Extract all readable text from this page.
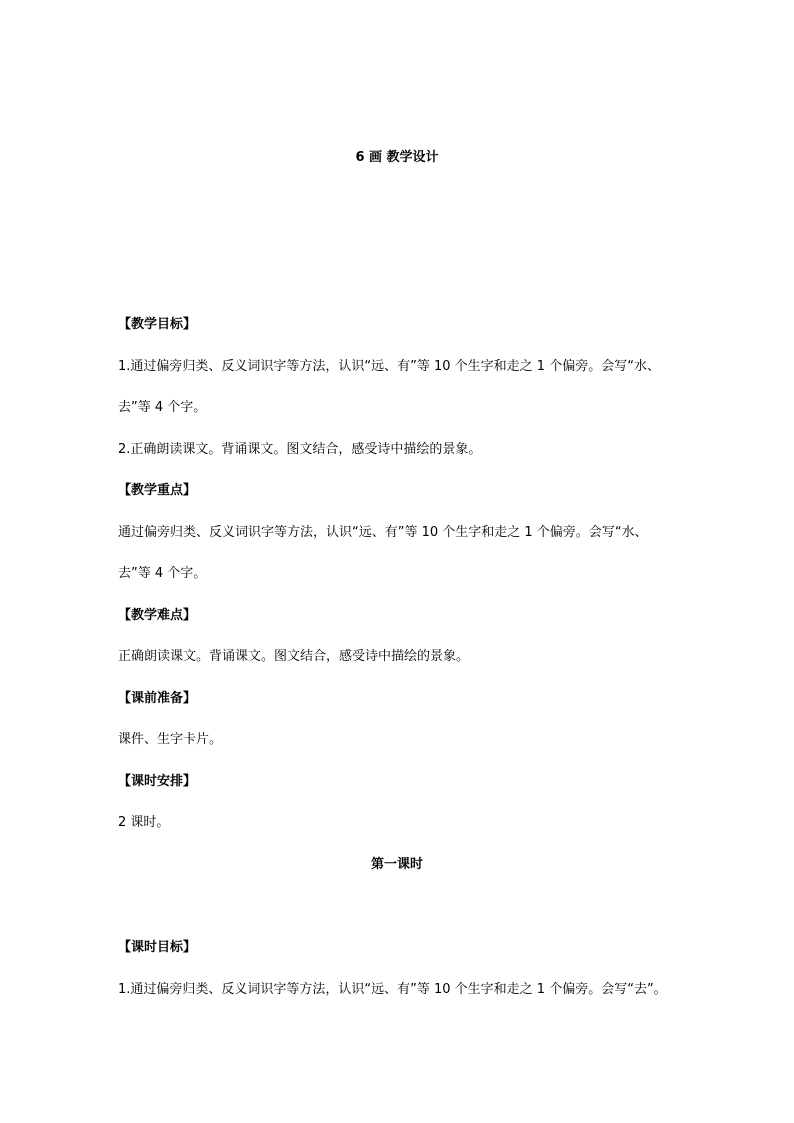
6 画 教学设计
【教学目标】
1.通过偏旁归类、反义词识字等方法，认识“远、有”等 10 个生字和走之 1 个偏旁。会写“水、
去”等 4 个字。
2.正确朗读课文。背诵课文。图文结合，感受诗中描绘的景象。
【教学重点】
通过偏旁归类、反义词识字等方法，认识“远、有”等 10 个生字和走之 1 个偏旁。会写“水、
去”等 4 个字。
【教学难点】
正确朗读课文。背诵课文。图文结合，感受诗中描绘的景象。
【课前准备】
课件、生字卡片。
【课时安排】
2 课时。
第一课时
【课时目标】
1.通过偏旁归类、反义词识字等方法，认识“远、有”等 10 个生字和走之 1 个偏旁。会写“去”。
